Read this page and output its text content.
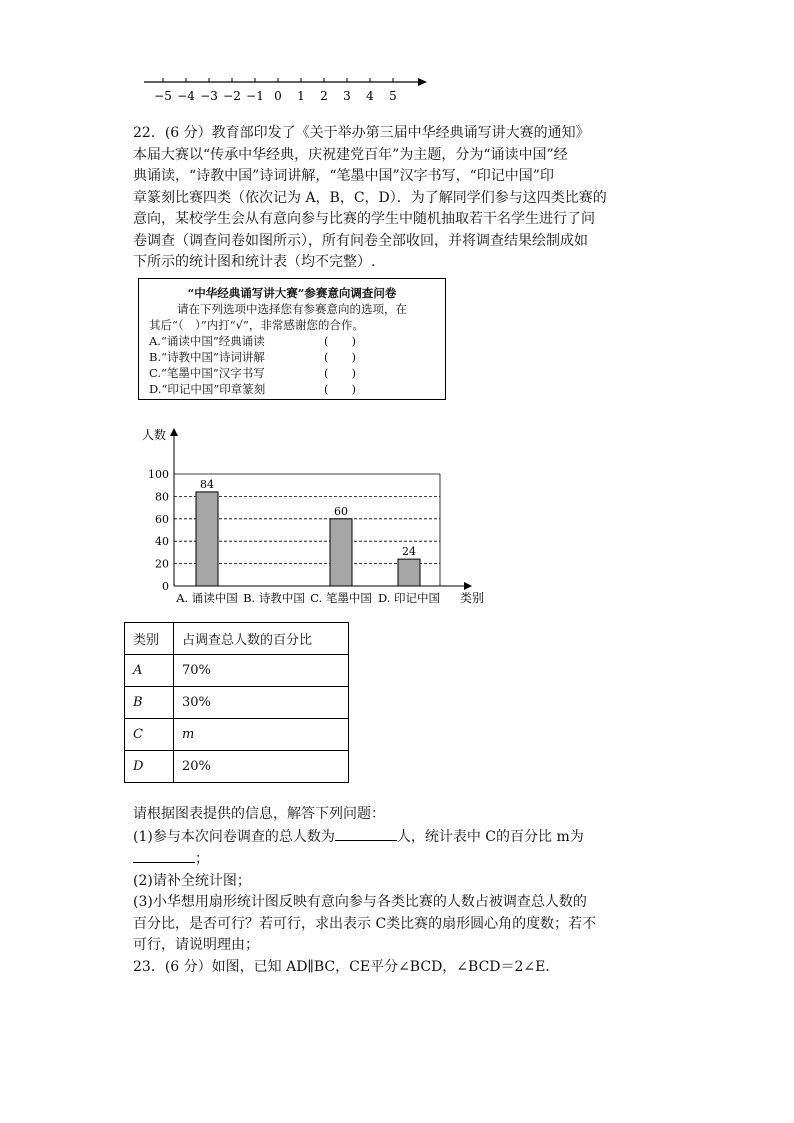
−5 −4 −3 −2 −1 0 1 2 3 4 5

22．(6 分）教育部印发了《关于举办第三届中华经典诵写讲大赛的通知》

本届大赛以“传承中华经典，庆祝建党百年”为主题，分为“诵读中国”经

典诵读，“诗教中国”诗词讲解，“笔墨中国”汉字书写，“印记中国”印

章篆刻比赛四类（依次记为 A，B，C，D）．为了解同学们参与这四类比赛的

意向，某校学生会从有意向参与比赛的学生中随机抽取若干名学生进行了问

卷调查（调查问卷如图所示），所有问卷全部收回，并将调查结果绘制成如

下所示的统计图和统计表（均不完整）.

“中华经典诵写讲大赛”参赛意向调查问卷
请在下列选项中选择您有参赛意向的选项，在
其后“（　）”内打“√”，非常感谢您的合作。
A.“诵读中国”经典诵读	(　　)
B.“诗教中国”诗词讲解	(　　)
C.“笔墨中国”汉字书写	(　　)
D.“印记中国”印章篆刻	(　　)
0
20
40
60
80
100
人数
类别
84
A. 诵读中国 B. 诗教中国
60
C. 笔墨中国
24
D. 印记中国
类别	占调查总人数的百分比
A	70%
B	30%
C	m
D	20%

请根据图表提供的信息，解答下列问题：

(1)参与本次问卷调查的总人数为	人，统计表中 C的百分比 m为

；

(2)请补全统计图；

(3)小华想用扇形统计图反映有意向参与各类比赛的人数占被调查总人数的

百分比，是否可行？若可行，求出表示 C类比赛的扇形圆心角的度数；若不

可行，请说明理由；

23．(6 分）如图，已知 AD∥BC，CE平分∠BCD，∠BCD＝2∠E．
